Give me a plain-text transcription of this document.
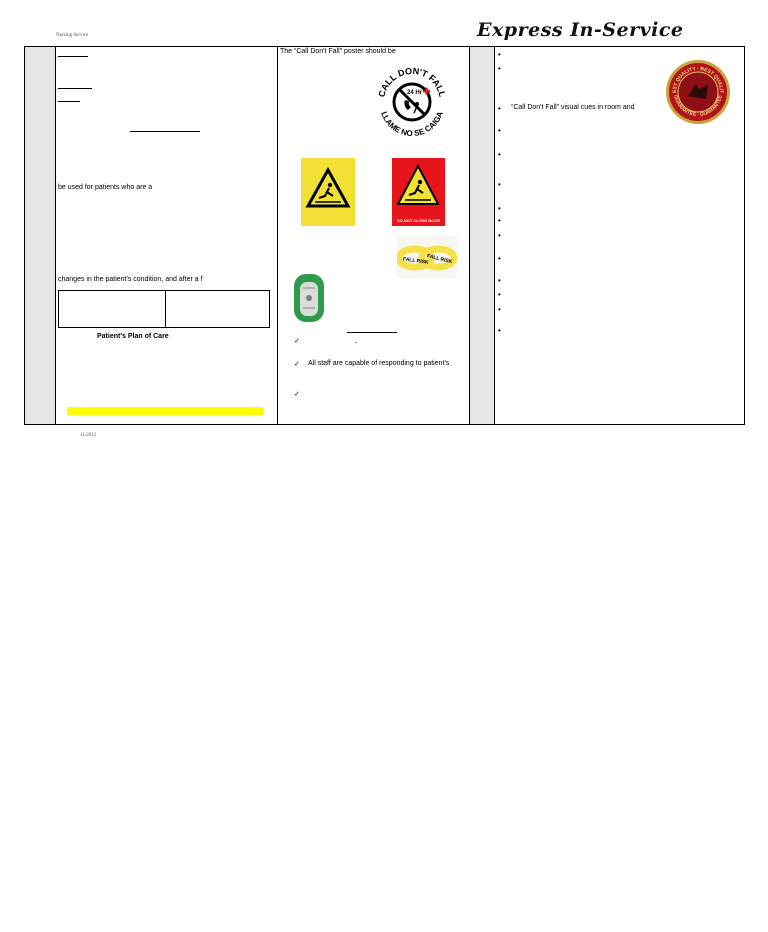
Nursing Service	Express In-Service
be used for patients who are a
changes in the patient's condition, and after a f
Patient's Plan of Care
The “Call Don't Fall” poster should be
CALL DON'T FALL
LLAME NO SE CAIGA
24 Hr
DO NOT CLOSE DOOR
FALL RISK
FALL RISK
-
✓
✓ All staff are capable of responding to patient's
✓
•
•
•
•
•
•
•
•
•
•
•
•
•
•
“Call Don't Fall” visual cues in room and
EST QUALITY · BEST QUALIT
GUARANTEE · GUARANTEE
11/2012
